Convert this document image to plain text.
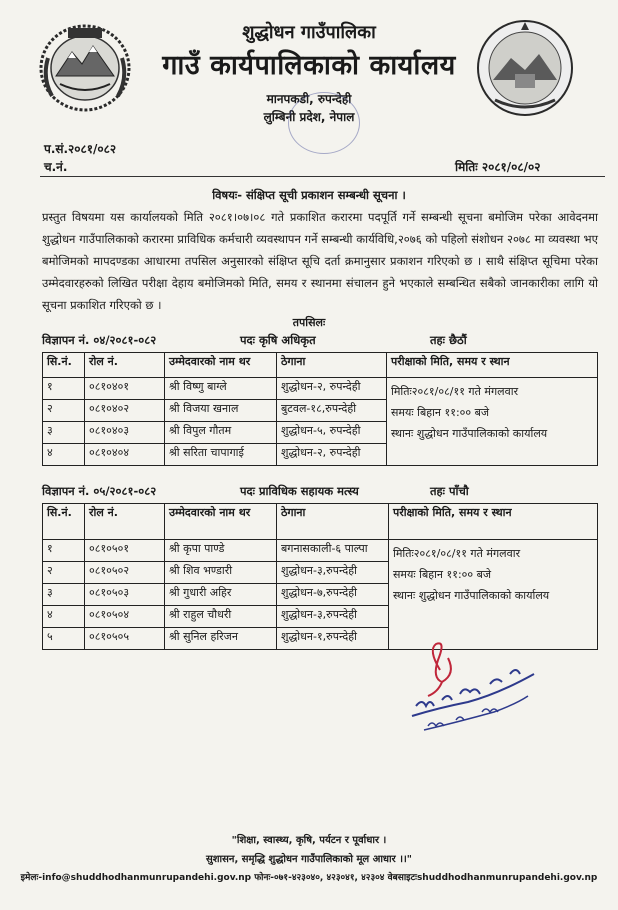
शुद्धोधन गाउँपालिका
गाउँ कार्यपालिकाको कार्यालय
मानपकडी, रुपन्देही
लुम्बिनी प्रदेश, नेपाल
प.सं.२०८१/०८२
च.नं.	मितिः २०८१/०८/०२
विषयः- संक्षिप्त सूची प्रकाशन सम्बन्धी सूचना ।

प्रस्तुत विषयमा यस कार्यालयको मिति २०८१।०७।०८ गते प्रकाशित करारमा पदपूर्ति गर्ने सम्बन्धी सूचना बमोजिम परेका आवेदनमा शुद्धोधन गाउँपालिकाको करारमा प्राविधिक कर्मचारी व्यवस्थापन गर्ने सम्बन्धी कार्यविधि,२०७६ को पहिलो संशोधन २०७८ मा व्यवस्था भए बमोजिमको मापदण्डका आधारमा तपसिल अनुसारको संक्षिप्त सूचि दर्ता क्रमानुसार प्रकाशन गरिएको छ । साथै संक्षिप्त सूचिमा परेका उम्मेदवारहरुको लिखित परीक्षा देहाय बमोजिमको मिति, समय र स्थानमा संचालन हुने भएकाले सम्बन्धित सबैको जानकारीका लागि यो सूचना प्रकाशित गरिएको छ ।

तपसिलः
विज्ञापन नं. ०४/२०८१-०८२	पदः कृषि अधिकृत	तहः छैठौं
सि.नं.	रोल नं.	उम्मेदवारको नाम थर	ठेगाना	परीक्षाको मिति, समय र स्थान
१	०८१०४०१	श्री विष्णु बाग्ले	शुद्धोधन-२, रुपन्देही	मितिः२०८१/०८/११ गते मंगलवार
समयः बिहान ११:०० बजे
स्थानः शुद्धोधन गाउँपालिकाको कार्यालय

२	०८१०४०२	श्री विजया खनाल	बुटवल-१८,रुपन्देही	
३	०८१०४०३	श्री विपुल गौतम	शुद्धोधन-५, रुपन्देही	
४	०८१०४०४	श्री सरिता चापागाई	शुद्धोधन-२, रुपन्देही	
विज्ञापन नं. ०५/२०८१-०८२	पदः प्राविधिक सहायक मत्स्य	तहः पाँचौ
सि.नं.	रोल नं.	उम्मेदवारको नाम थर	ठेगाना	परीक्षाको मिति, समय र स्थान
१	०८१०५०१	श्री कृपा पाण्डे	बगनासकाली-६ पाल्पा	मितिः२०८१/०८/११ गते मंगलवार
समयः बिहान ११:०० बजे
स्थानः शुद्धोधन गाउँपालिकाको कार्यालय

२	०८१०५०२	श्री शिव भण्डारी	शुद्धोधन-३,रुपन्देही	
३	०८१०५०३	श्री गुधारी अहिर	शुद्धोधन-७,रुपन्देही	
४	०८१०५०४	श्री राहुल चौधरी	शुद्धोधन-३,रुपन्देही	
५	०८१०५०५	श्री सुनिल हरिजन	शुद्धोधन-१,रुपन्देही	
"शिक्षा, स्वास्थ्य, कृषि, पर्यटन र पूर्वाधार ।
सुशासन, समृद्धि शुद्धोधन गाउँपालिकाको मूल आधार ।।"
इमेलः-info@shuddhodhanmunrupandehi.gov.np फोनः-०७१-४२३०४०, ४२३०४१, ४२३०४ वेबसाइटःshuddhodhanmunrupandehi.gov.np
